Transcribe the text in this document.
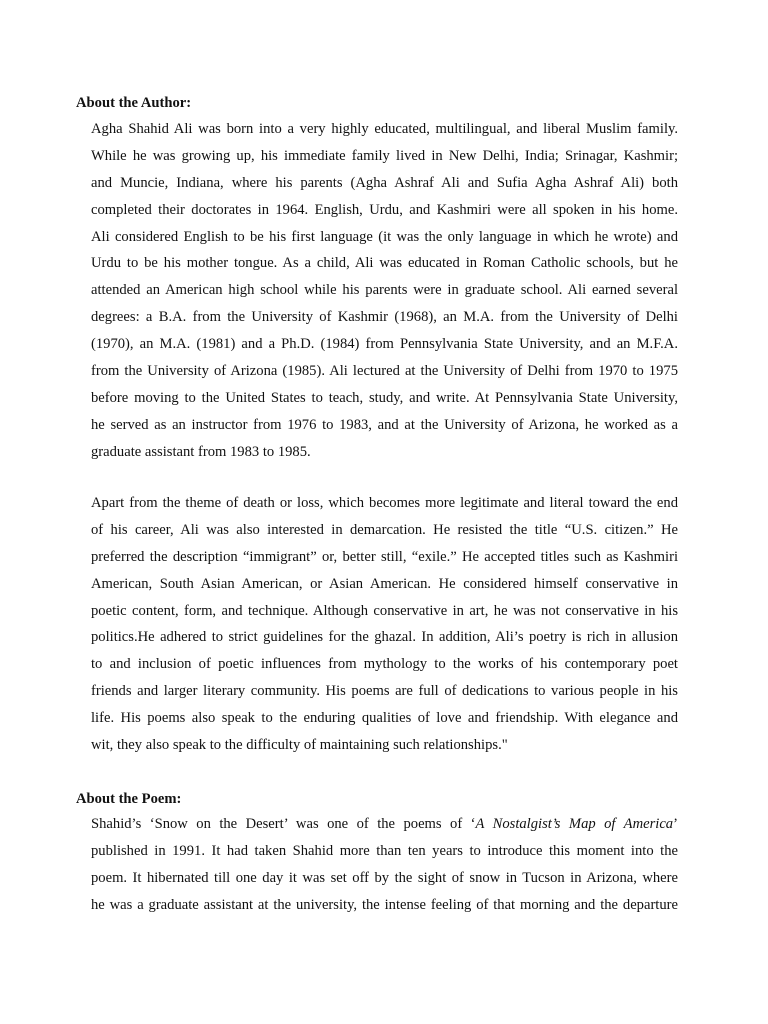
About the Author:
Agha Shahid Ali was born into a very highly educated, multilingual, and liberal Muslim family.
While he was growing up, his immediate family lived in New Delhi, India; Srinagar, Kashmir;
and Muncie, Indiana, where his parents (Agha Ashraf Ali and Sufia Agha Ashraf Ali) both
completed their doctorates in 1964. English, Urdu, and Kashmiri were all spoken in his home.
Ali considered English to be his first language (it was the only language in which he wrote) and
Urdu to be his mother tongue. As a child, Ali was educated in Roman Catholic schools, but he
attended an American high school while his parents were in graduate school. Ali earned several
degrees: a B.A. from the University of Kashmir (1968), an M.A. from the University of Delhi
(1970), an M.A. (1981) and a Ph.D. (1984) from Pennsylvania State University, and an M.F.A.
from the University of Arizona (1985). Ali lectured at the University of Delhi from 1970 to 1975
before moving to the United States to teach, study, and write. At Pennsylvania State University,
he served as an instructor from 1976 to 1983, and at the University of Arizona, he worked as a
graduate assistant from 1983 to 1985.
Apart from the theme of death or loss, which becomes more legitimate and literal toward the end
of his career, Ali was also interested in demarcation. He resisted the title “U.S. citizen.” He
preferred the description “immigrant” or, better still, “exile.” He accepted titles such as Kashmiri
American, South Asian American, or Asian American. He considered himself conservative in
poetic content, form, and technique. Although conservative in art, he was not conservative in his
politics.He adhered to strict guidelines for the ghazal. In addition, Ali’s poetry is rich in allusion
to and inclusion of poetic influences from mythology to the works of his contemporary poet
friends and larger literary community. His poems are full of dedications to various people in his
life. His poems also speak to the enduring qualities of love and friendship. With elegance and
wit, they also speak to the difficulty of maintaining such relationships."
About the Poem:
Shahid’s ‘Snow on the Desert’ was one of the poems of ‘A Nostalgist’s Map of America’
published in 1991. It had taken Shahid more than ten years to introduce this moment into the
poem. It hibernated till one day it was set off by the sight of snow in Tucson in Arizona, where
he was a graduate assistant at the university, the intense feeling of that morning and the departure
